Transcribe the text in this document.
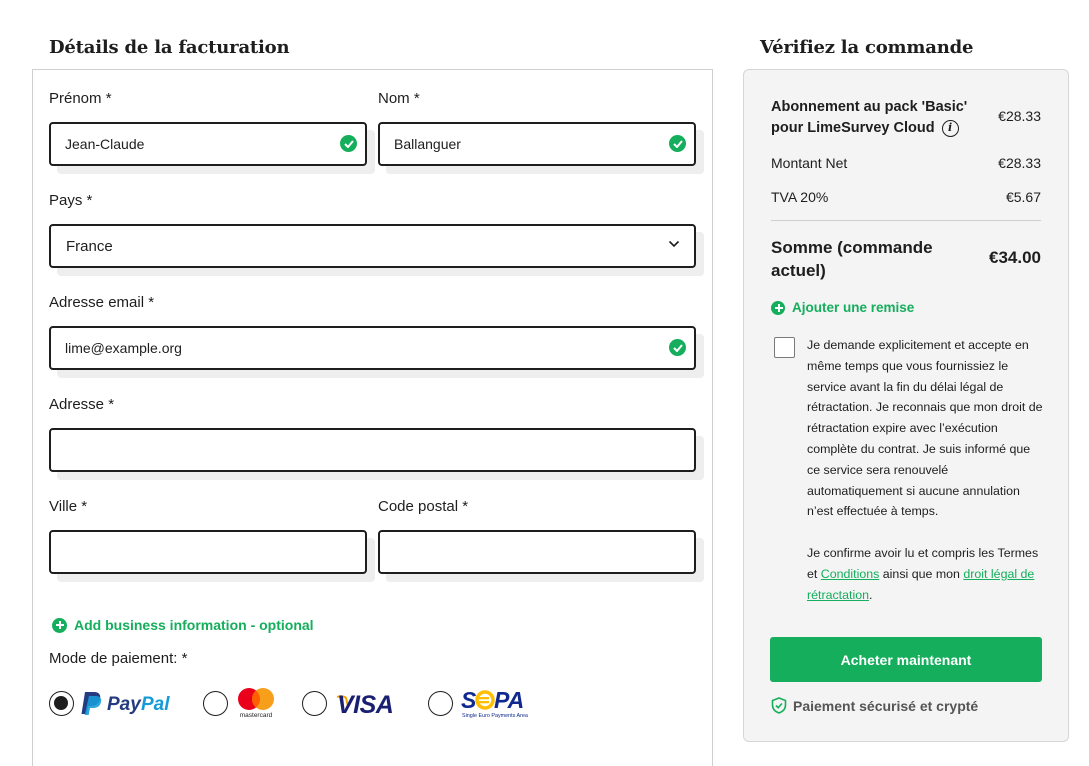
Détails de la facturation	Vérifiez la commande
Prénom *
Jean-Claude
Nom *
Ballanguer
Pays *
France
Adresse email *
lime@example.org
Adresse *
Ville *	Code postal *
Add business information - optional
Mode de paiement: *
Pay Pal
mastercard	VISA	S PA
Single Euro Payments Area
Abonnement au pack 'Basic'
pour LimeSurvey Cloud i
€28.33
Montant Net	€28.33
TVA 20%	€5.67
Somme (commande
actuel)
€34.00
Ajouter une remise
Je demande explicitement et accepte en même temps que vous fournissiez le service avant la fin du délai légal de rétractation. Je reconnais que mon droit de rétractation expire avec l’exécution complète du contrat. Je suis informé que ce service sera renouvelé automatiquement si aucune annulation n’est effectuée à temps.
Je confirme avoir lu et compris les Termes et Conditions ainsi que mon droit légal de rétractation.
Acheter maintenant
Paiement sécurisé et crypté
